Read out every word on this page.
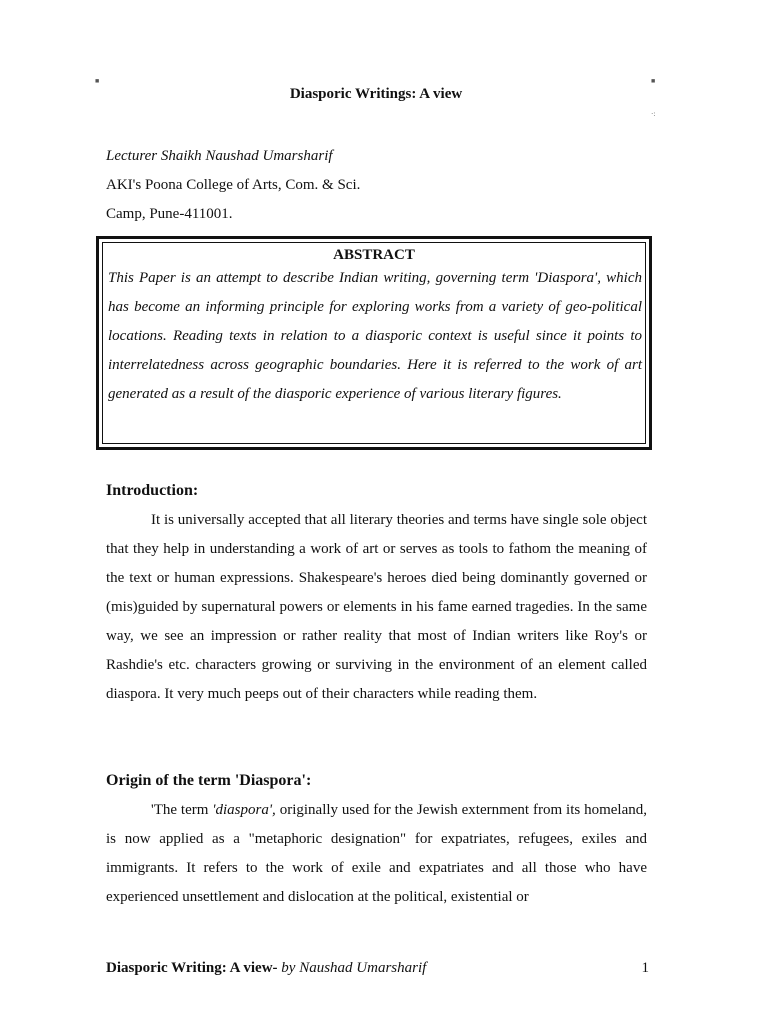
■	■
·:
Diasporic Writings: A view
Lecturer Shaikh Naushad Umarsharif
AKI's Poona College of Arts, Com. & Sci.
Camp, Pune-411001.
ABSTRACT
This Paper is an attempt to describe Indian writing, governing term 'Diaspora', which has become an informing principle for exploring works from a variety of geo-political locations. Reading texts in relation to a diasporic context is useful since it points to interrelatedness across geographic boundaries. Here it is referred to the work of art generated as a result of the diasporic experience of various literary figures.
Introduction:

It is universally accepted that all literary theories and terms have single sole object that they help in understanding a work of art or serves as tools to fathom the meaning of the text or human expressions. Shakespeare's heroes died being dominantly governed or (mis)guided by supernatural powers or elements in his fame earned tragedies. In the same way, we see an impression or rather reality that most of Indian writers like Roy's or Rashdie's etc. characters growing or surviving in the environment of an element called diaspora. It very much peeps out of their characters while reading them.

Origin of the term 'Diaspora':

'The term 'diaspora', originally used for the Jewish externment from its homeland, is now applied as a "metaphoric designation" for expatriates, refugees, exiles and immigrants. It refers to the work of exile and expatriates and all those who have experienced unsettlement and dislocation at the political, existential or

Diasporic Writing: A view- by Naushad Umarsharif	1
